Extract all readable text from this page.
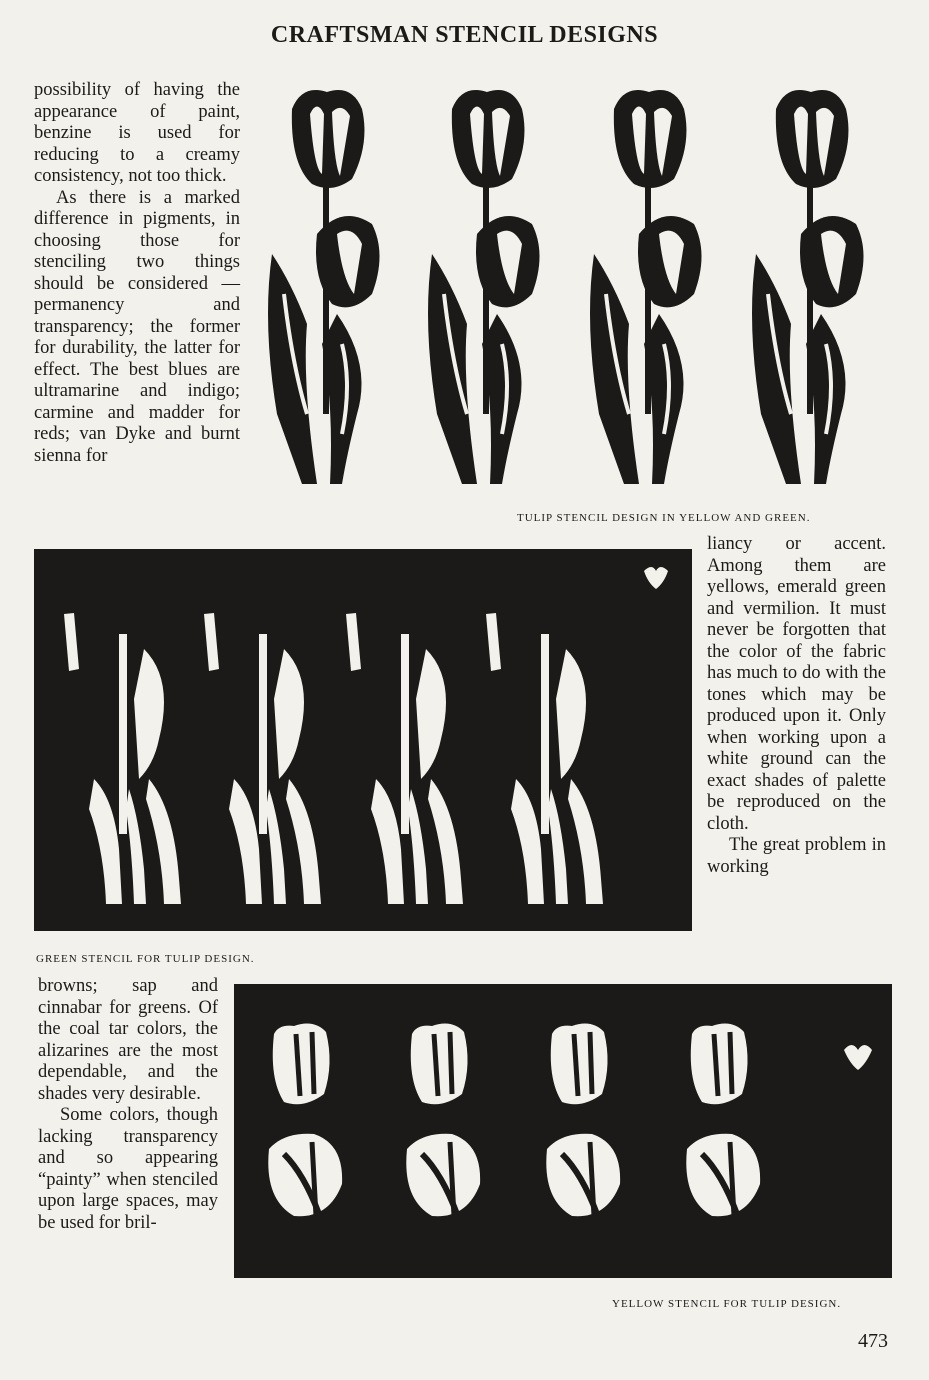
CRAFTSMAN STENCIL DESIGNS

possibility of having the appearance of paint, benzine is used for reducing to a creamy consistency, not too thick.

As there is a marked difference in pigments, in choosing those for stenciling two things should be considered — permanency and transparency; the former for durability, the latter for effect. The best blues are ultramarine and indigo; carmine and madder for reds; van Dyke and burnt sienna for

TULIP STENCIL DESIGN IN YELLOW AND GREEN.

liancy or accent. Among them are yellows, emerald green and vermilion. It must never be forgotten that the color of the fabric has much to do with the tones which may be produced upon it. Only when working upon a white ground can the exact shades of palette be reproduced on the cloth.

The great problem in working

GREEN STENCIL FOR TULIP DESIGN.

browns; sap and cinnabar for greens. Of the coal tar colors, the alizarines are the most dependable, and the shades very desirable.

Some colors, though lacking transparency and so appearing “painty” when stenciled upon large spaces, may be used for bril-

YELLOW STENCIL FOR TULIP DESIGN.
473
